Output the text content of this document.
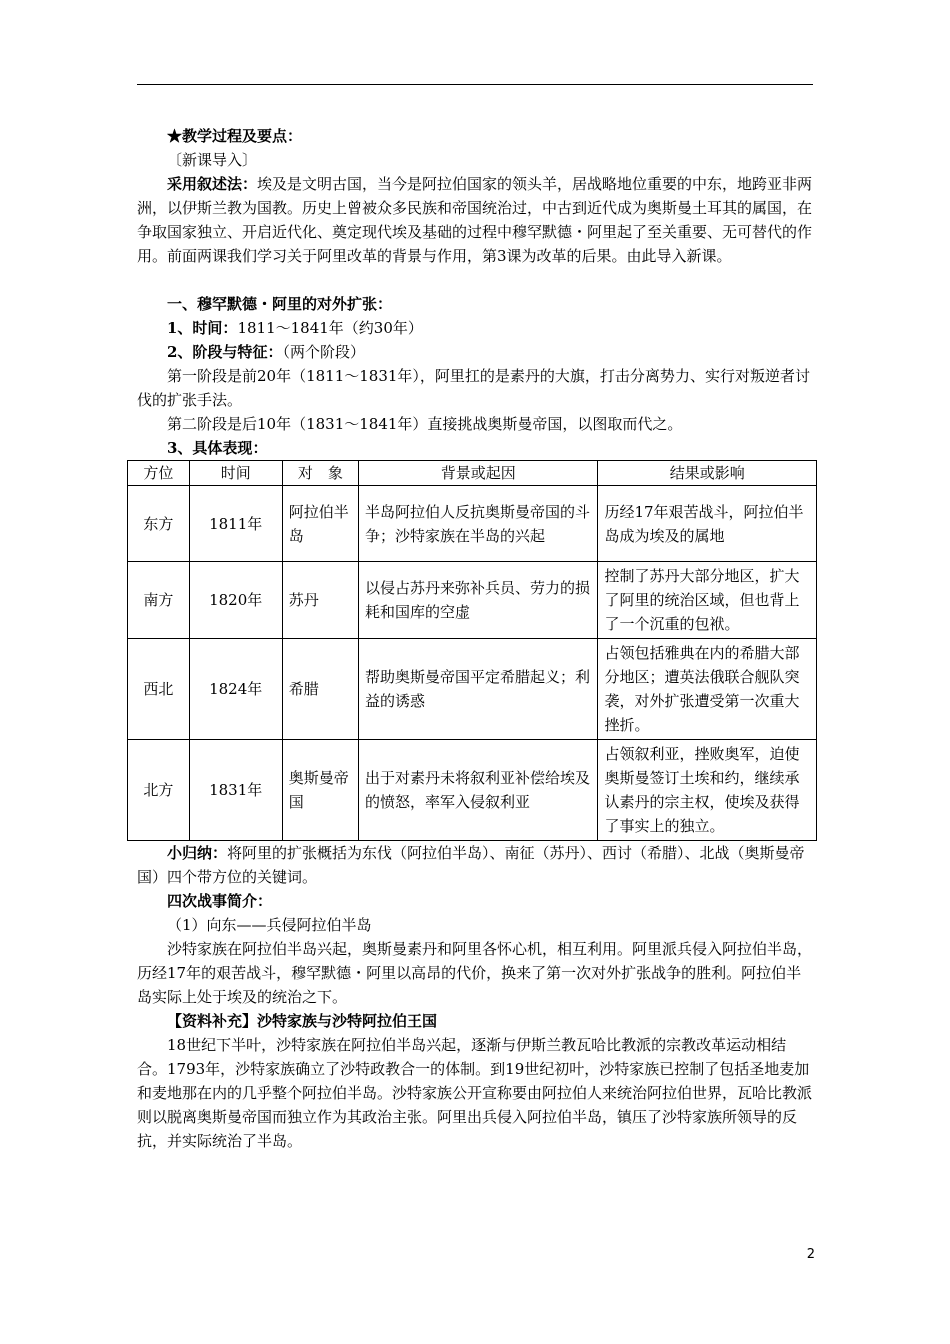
★教学过程及要点：

〔新课导入〕

采用叙述法：埃及是文明古国，当今是阿拉伯国家的领头羊，居战略地位重要的中东，地跨亚非两洲，以伊斯兰教为国教。历史上曾被众多民族和帝国统治过，中古到近代成为奥斯曼土耳其的属国，在争取国家独立、开启近代化、奠定现代埃及基础的过程中穆罕默德・阿里起了至关重要、无可替代的作用。前面两课我们学习关于阿里改革的背景与作用，第3课为改革的后果。由此导入新课。

一、穆罕默德・阿里的对外扩张：

1、时间：1811～1841年（约30年）

2、阶段与特征：（两个阶段）

第一阶段是前20年（1811～1831年），阿里扛的是素丹的大旗，打击分离势力、实行对叛逆者讨伐的扩张手法。

第二阶段是后10年（1831～1841年）直接挑战奥斯曼帝国，以图取而代之。

3、具体表现：

方位	时间	对　象	背景或起因	结果或影响
东方	1811年	阿拉伯半岛	半岛阿拉伯人反抗奥斯曼帝国的斗争；沙特家族在半岛的兴起	历经17年艰苦战斗，阿拉伯半岛成为埃及的属地
南方	1820年	苏丹	以侵占苏丹来弥补兵员、劳力的损耗和国库的空虚	控制了苏丹大部分地区，扩大了阿里的统治区域，但也背上了一个沉重的包袱。
西北	1824年	希腊	帮助奥斯曼帝国平定希腊起义；利益的诱惑	占领包括雅典在内的希腊大部分地区；遭英法俄联合舰队突袭，对外扩张遭受第一次重大挫折。
北方	1831年	奥斯曼帝国	出于对素丹未将叙利亚补偿给埃及的愤怒，率军入侵叙利亚	占领叙利亚，挫败奥军，迫使奥斯曼签订土埃和约，继续承认素丹的宗主权，使埃及获得了事实上的独立。

小归纳：将阿里的扩张概括为东伐（阿拉伯半岛）、南征（苏丹）、西讨（希腊）、北战（奥斯曼帝国）四个带方位的关键词。

四次战事简介：

（1）向东——兵侵阿拉伯半岛

沙特家族在阿拉伯半岛兴起，奥斯曼素丹和阿里各怀心机，相互利用。阿里派兵侵入阿拉伯半岛，历经17年的艰苦战斗，穆罕默德・阿里以高昂的代价，换来了第一次对外扩张战争的胜利。阿拉伯半岛实际上处于埃及的统治之下。

【资料补充】沙特家族与沙特阿拉伯王国

18世纪下半叶，沙特家族在阿拉伯半岛兴起，逐渐与伊斯兰教瓦哈比教派的宗教改革运动相结合。1793年，沙特家族确立了沙特政教合一的体制。到19世纪初叶，沙特家族已控制了包括圣地麦加和麦地那在内的几乎整个阿拉伯半岛。沙特家族公开宣称要由阿拉伯人来统治阿拉伯世界，瓦哈比教派则以脱离奥斯曼帝国而独立作为其政治主张。阿里出兵侵入阿拉伯半岛，镇压了沙特家族所领导的反抗，并实际统治了半岛。

2
